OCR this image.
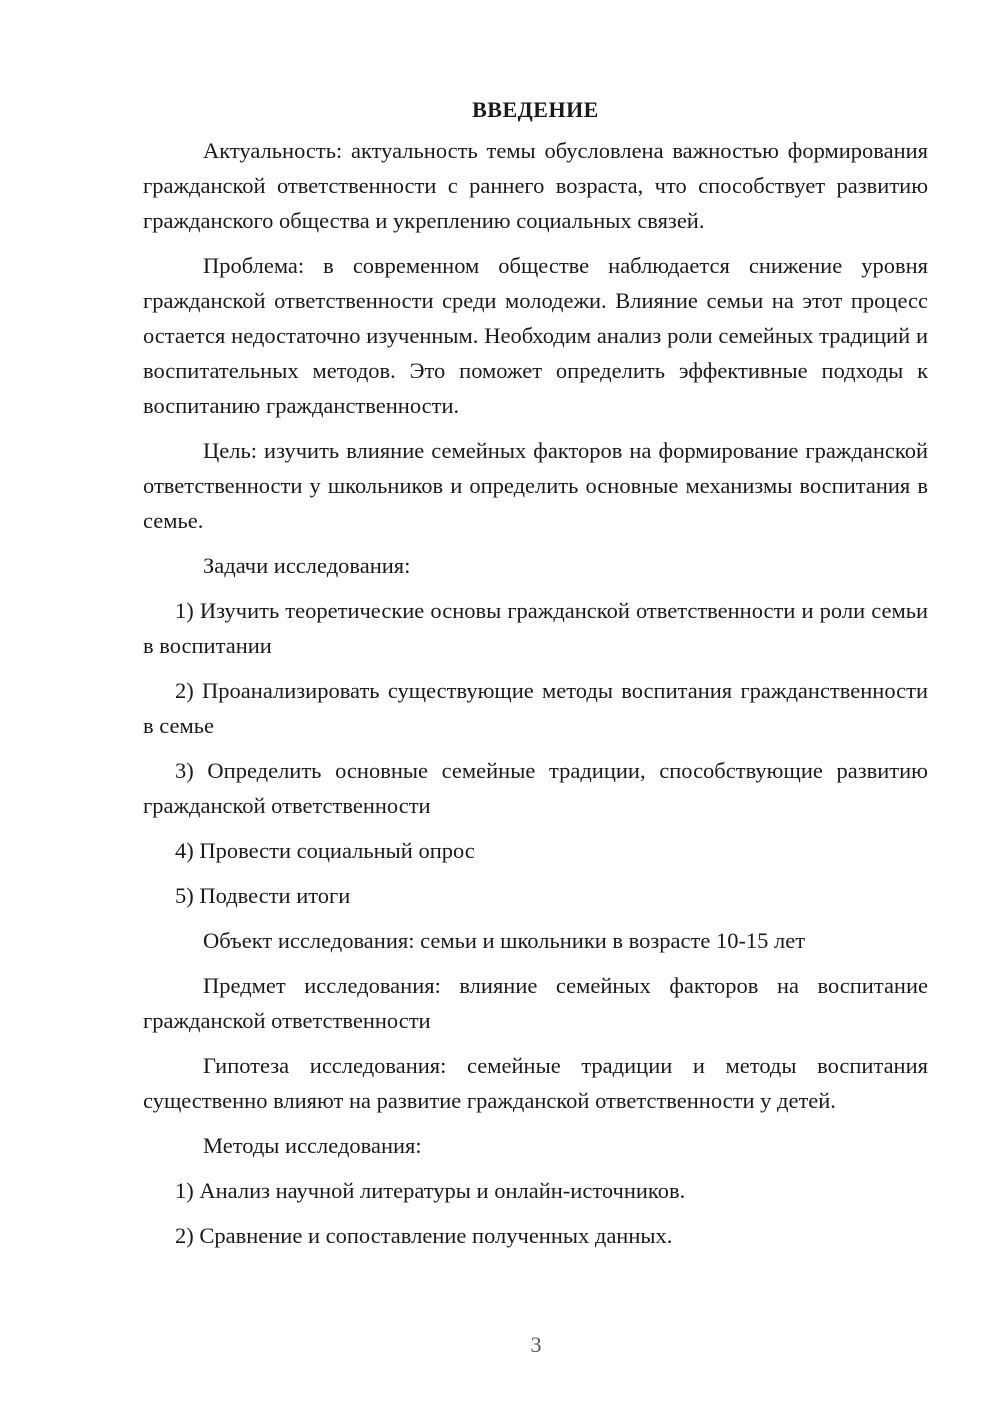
ВВЕДЕНИЕ

Актуальность: актуальность темы обусловлена важностью формирования гражданской ответственности с раннего возраста, что способствует развитию гражданского общества и укреплению социальных связей.

Проблема: в современном обществе наблюдается снижение уровня гражданской ответственности среди молодежи. Влияние семьи на этот процесс остается недостаточно изученным. Необходим анализ роли семейных традиций и воспитательных методов. Это поможет определить эффективные подходы к воспитанию гражданственности.

Цель: изучить влияние семейных факторов на формирование гражданской ответственности у школьников и определить основные механизмы воспитания в семье.

Задачи исследования:

1) Изучить теоретические основы гражданской ответственности и роли семьи в воспитании

2) Проанализировать существующие методы воспитания гражданственности в семье

3) Определить основные семейные традиции, способствующие развитию гражданской ответственности

4) Провести социальный опрос

5) Подвести итоги

Объект исследования: семьи и школьники в возрасте 10-15 лет

Предмет исследования: влияние семейных факторов на воспитание гражданской ответственности

Гипотеза исследования: семейные традиции и методы воспитания существенно влияют на развитие гражданской ответственности у детей.

Методы исследования:

1) Анализ научной литературы и онлайн-источников.

2) Сравнение и сопоставление полученных данных.

3
